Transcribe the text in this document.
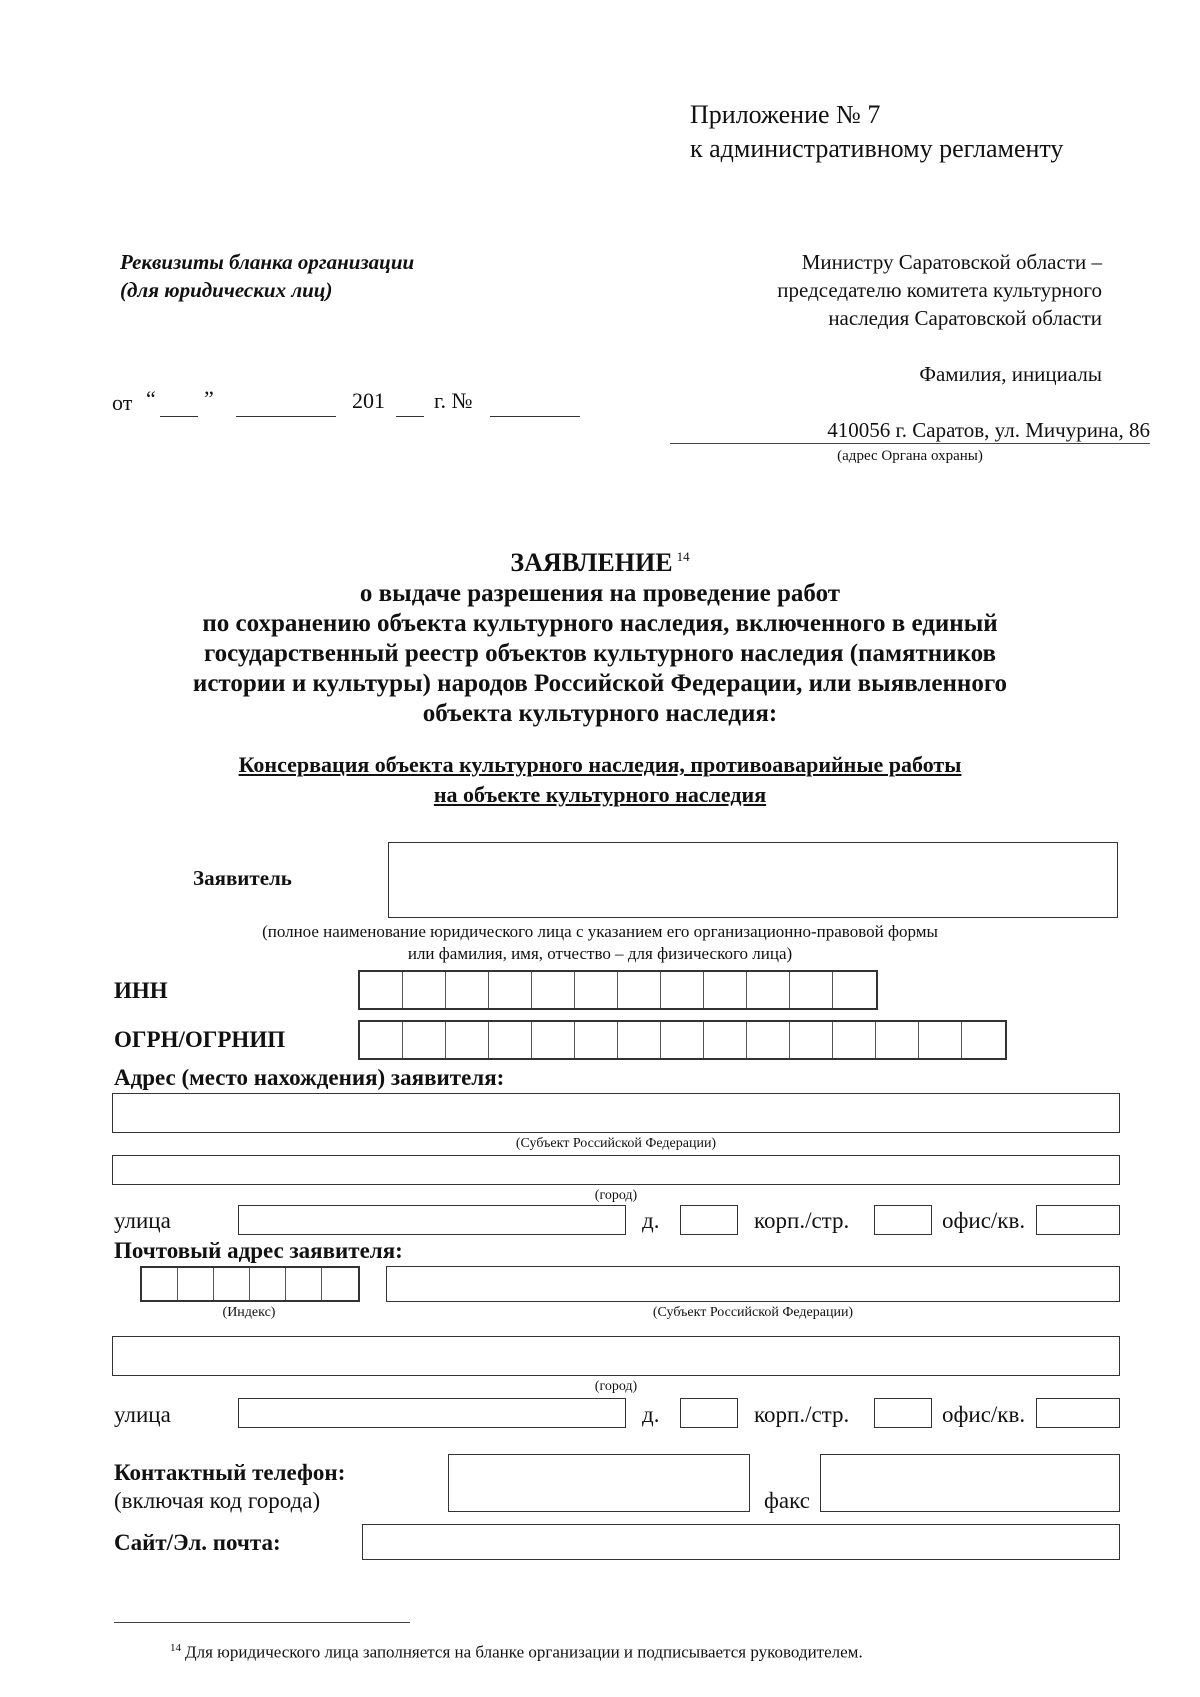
Приложение № 7
к административному регламенту
Реквизиты бланка организации
(для юридических лиц)
Министру Саратовской области –
председателю комитета культурного
наследия Саратовской области
Фамилия, инициалы
410056 г. Саратов, ул. Мичурина, 86
(адрес Органа охраны)
от “ ”	201 г. №
ЗАЯВЛЕНИЕ $^{14}$
о выдаче разрешения на проведение работ
по сохранению объекта культурного наследия, включенного в единый
государственный реестр объектов культурного наследия (памятников
истории и культуры) народов Российской Федерации, или выявленного
объекта культурного наследия:
Консервация объекта культурного наследия, противоаварийные работы
на объекте культурного наследия
Заявитель
(полное наименование юридического лица с указанием его организационно-правовой формы
или фамилия, имя, отчество – для физического лица)
ИНН
ОГРН/ОГРНИП
Адрес (место нахождения) заявителя:
(Субъект Российской Федерации)
(город)
улица	д.	корп./стр.	офис/кв.
Почтовый адрес заявителя:
(Индекс)	(Субъект Российской Федерации)
(город)
улица	д.	корп./стр.	офис/кв.
Контактный телефон:
(включая код города)	факс
Сайт/Эл. почта:
$^{14}$ Для юридического лица заполняется на бланке организации и подписывается руководителем.
